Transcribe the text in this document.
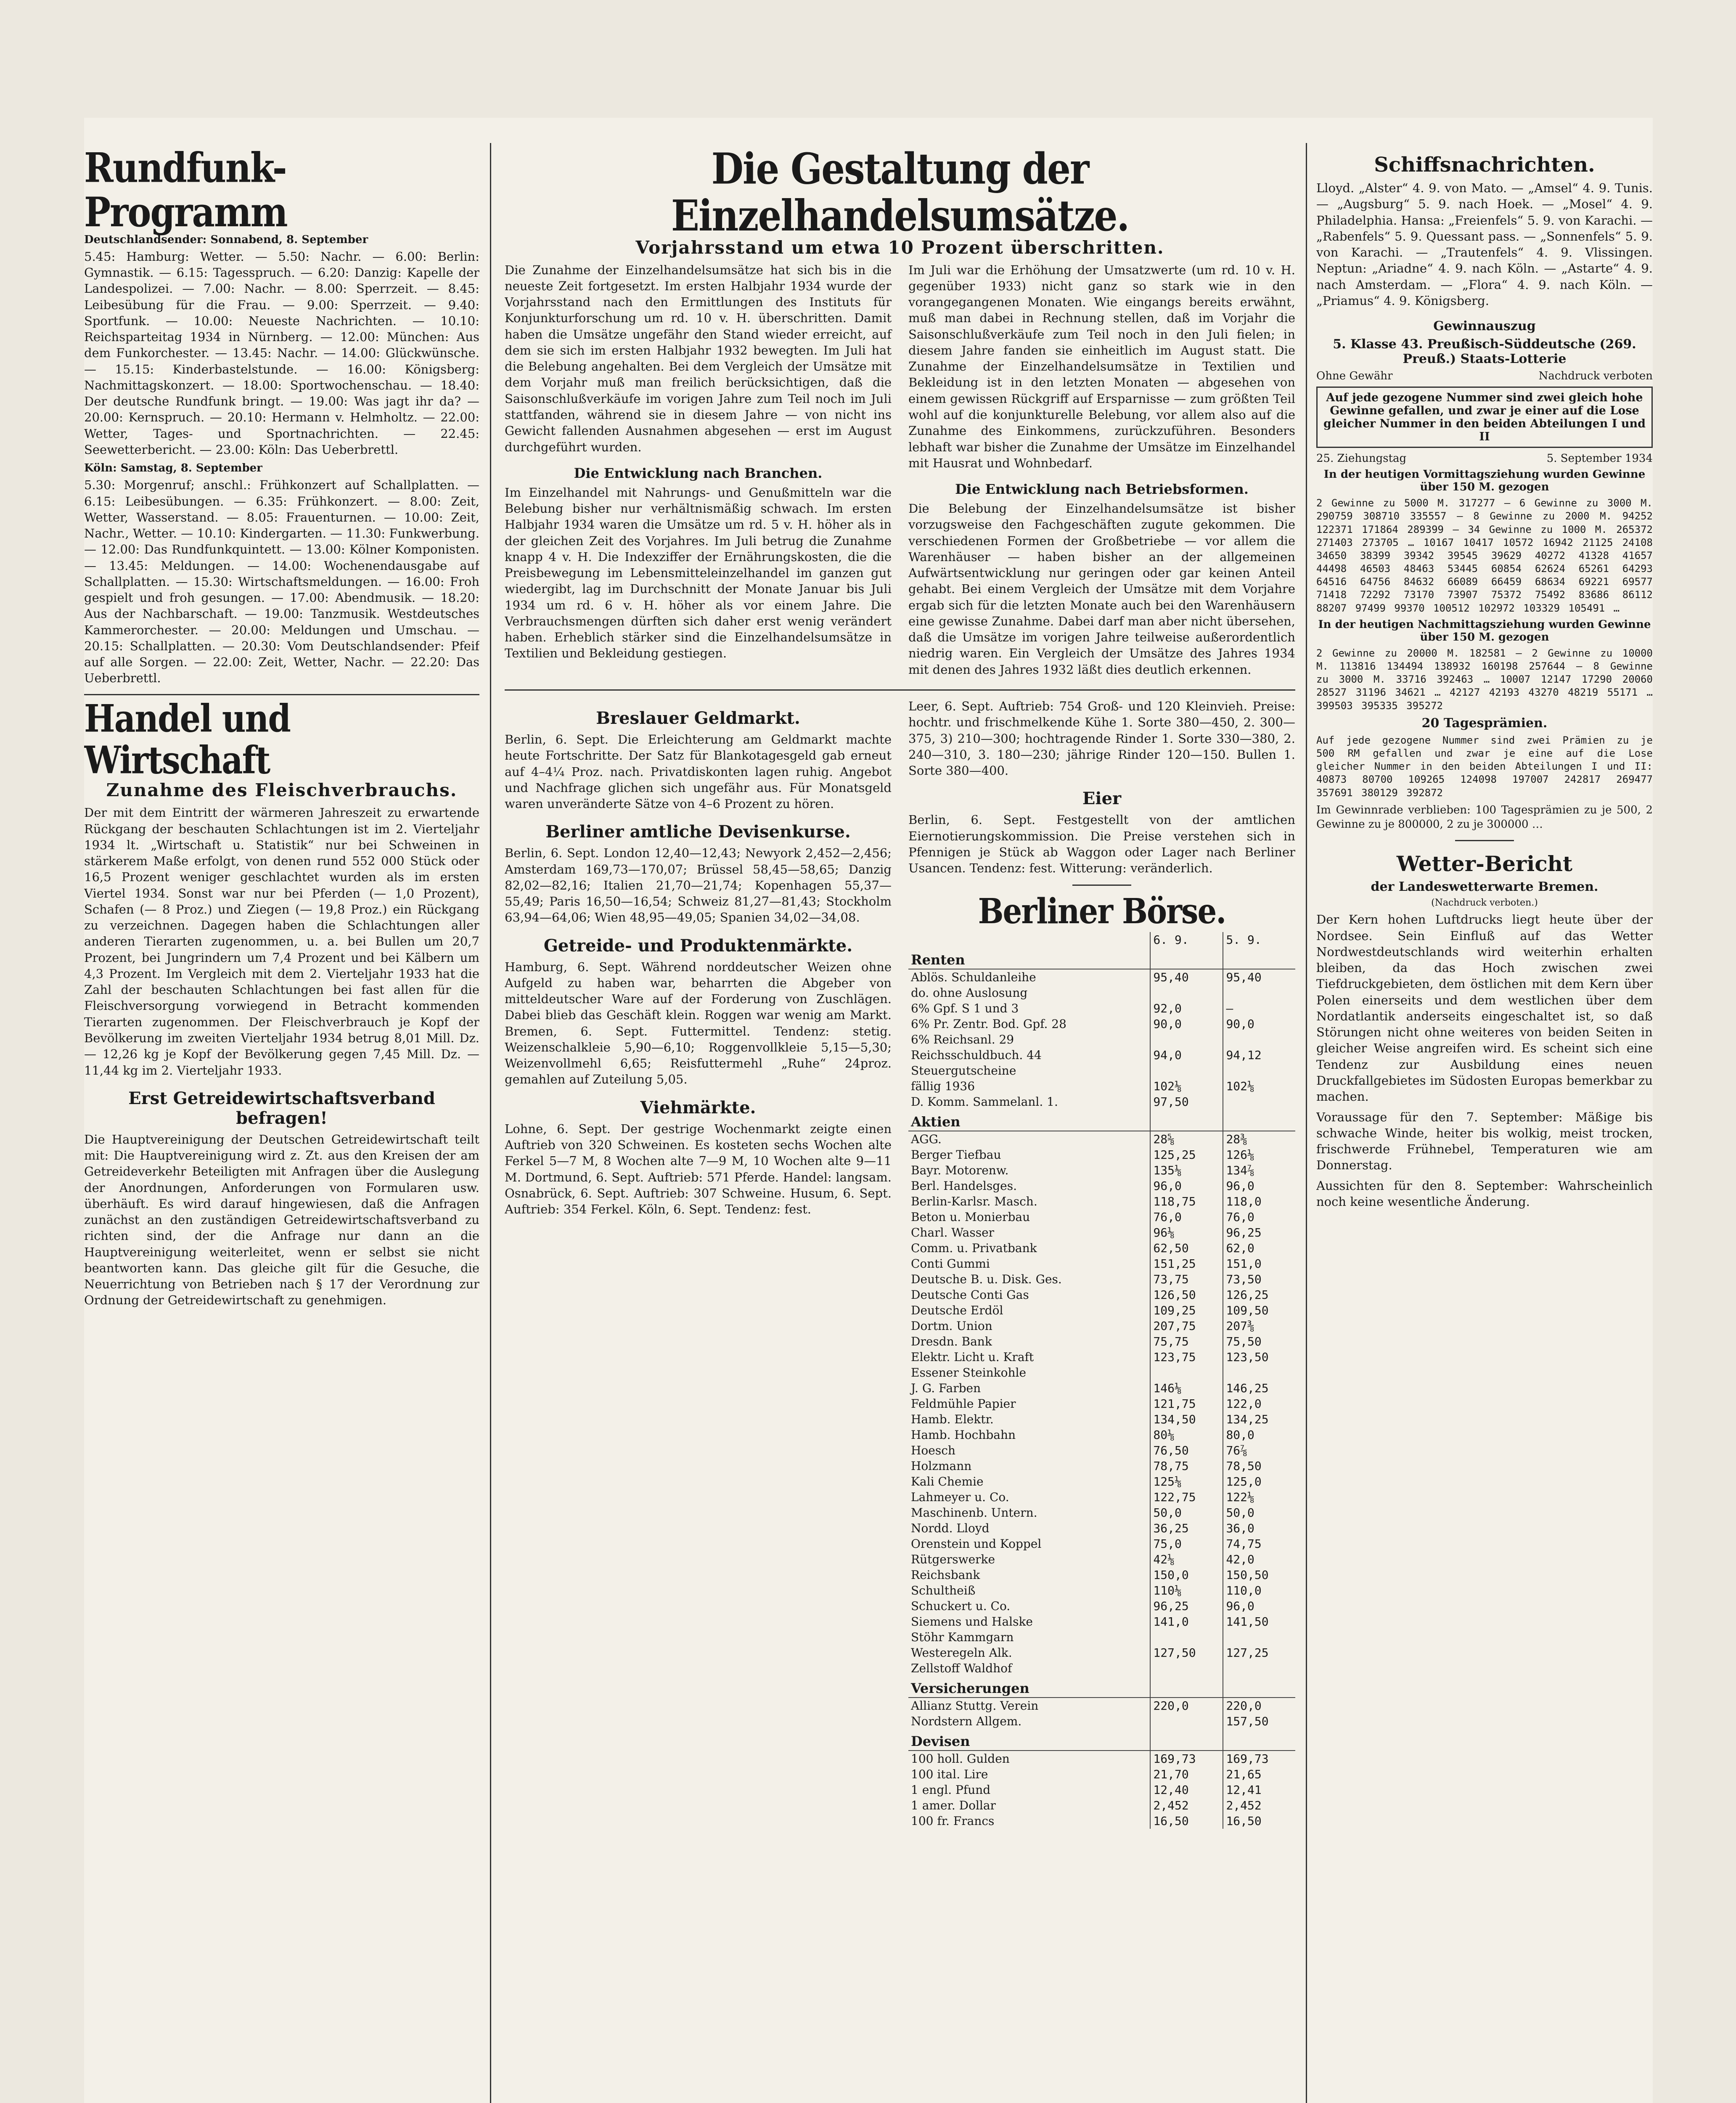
Rundfunk-Programm
Deutschlandsender: Sonnabend, 8. September

5.45: Hamburg: Wetter. — 5.50: Nachr. — 6.00: Berlin: Gymnastik. — 6.15: Tagesspruch. — 6.20: Danzig: Kapelle der Landespolizei. — 7.00: Nachr. — 8.00: Sperrzeit. — 8.45: Leibesübung für die Frau. — 9.00: Sperrzeit. — 9.40: Sportfunk. — 10.00: Neueste Nachrichten. — 10.10: Reichsparteitag 1934 in Nürnberg. — 12.00: München: Aus dem Funkorchester. — 13.45: Nachr. — 14.00: Glückwünsche. — 15.15: Kinderbastelstunde. — 16.00: Königsberg: Nachmittagskonzert. — 18.00: Sportwochenschau. — 18.40: Der deutsche Rundfunk bringt. — 19.00: Was jagt ihr da? — 20.00: Kernspruch. — 20.10: Hermann v. Helmholtz. — 22.00: Wetter, Tages- und Sportnachrichten. — 22.45: Seewetterbericht. — 23.00: Köln: Das Ueberbrettl.

Köln: Samstag, 8. September

5.30: Morgenruf; anschl.: Frühkonzert auf Schallplatten. — 6.15: Leibesübungen. — 6.35: Frühkonzert. — 8.00: Zeit, Wetter, Wasserstand. — 8.05: Frauenturnen. — 10.00: Zeit, Nachr., Wetter. — 10.10: Kindergarten. — 11.30: Funkwerbung. — 12.00: Das Rundfunkquintett. — 13.00: Kölner Komponisten. — 13.45: Meldungen. — 14.00: Wochenendausgabe auf Schallplatten. — 15.30: Wirtschaftsmeldungen. — 16.00: Froh gespielt und froh gesungen. — 17.00: Abendmusik. — 18.20: Aus der Nachbarschaft. — 19.00: Tanzmusik. Westdeutsches Kammerorchester. — 20.00: Meldungen und Umschau. — 20.15: Schallplatten. — 20.30: Vom Deutschlandsender: Pfeif auf alle Sorgen. — 22.00: Zeit, Wetter, Nachr. — 22.20: Das Ueberbrettl.

Handel und Wirtschaft
Zunahme des Fleischverbrauchs.

Der mit dem Eintritt der wärmeren Jahreszeit zu erwartende Rückgang der beschauten Schlachtungen ist im 2. Vierteljahr 1934 lt. „Wirtschaft u. Statistik“ nur bei Schweinen in stärkerem Maße erfolgt, von denen rund 552 000 Stück oder 16,5 Prozent weniger geschlachtet wurden als im ersten Viertel 1934. Sonst war nur bei Pferden (— 1,0 Prozent), Schafen (— 8 Proz.) und Ziegen (— 19,8 Proz.) ein Rückgang zu verzeichnen. Dagegen haben die Schlachtungen aller anderen Tierarten zugenommen, u. a. bei Bullen um 20,7 Prozent, bei Jungrindern um 7,4 Prozent und bei Kälbern um 4,3 Prozent. Im Vergleich mit dem 2. Vierteljahr 1933 hat die Zahl der beschauten Schlachtungen bei fast allen für die Fleischversorgung vorwiegend in Betracht kommenden Tierarten zugenommen. Der Fleischverbrauch je Kopf der Bevölkerung im zweiten Vierteljahr 1934 betrug 8,01 Mill. Dz. — 12,26 kg je Kopf der Bevölkerung gegen 7,45 Mill. Dz. — 11,44 kg im 2. Vierteljahr 1933.

Erst Getreidewirtschaftsverband befragen!

Die Hauptvereinigung der Deutschen Getreidewirtschaft teilt mit: Die Hauptvereinigung wird z. Zt. aus den Kreisen der am Getreideverkehr Beteiligten mit Anfragen über die Auslegung der Anordnungen, Anforderungen von Formularen usw. überhäuft. Es wird darauf hingewiesen, daß die Anfragen zunächst an den zuständigen Getreidewirtschaftsverband zu richten sind, der die Anfrage nur dann an die Hauptvereinigung weiterleitet, wenn er selbst sie nicht beantworten kann. Das gleiche gilt für die Gesuche, die Neuerrichtung von Betrieben nach § 17 der Verordnung zur Ordnung der Getreidewirtschaft zu genehmigen.

Die Gestaltung der Einzelhandelsumsätze.
Vorjahrsstand um etwa 10 Prozent überschritten.

Die Zunahme der Einzelhandelsumsätze hat sich bis in die neueste Zeit fortgesetzt. Im ersten Halbjahr 1934 wurde der Vorjahrsstand nach den Ermittlungen des Instituts für Konjunkturforschung um rd. 10 v. H. überschritten. Damit haben die Umsätze ungefähr den Stand wieder erreicht, auf dem sie sich im ersten Halbjahr 1932 bewegten. Im Juli hat die Belebung angehalten. Bei dem Vergleich der Umsätze mit dem Vorjahr muß man freilich berücksichtigen, daß die Saisonschlußverkäufe im vorigen Jahre zum Teil noch im Juli stattfanden, während sie in diesem Jahre — von nicht ins Gewicht fallenden Ausnahmen abgesehen — erst im August durchgeführt wurden.

Die Entwicklung nach Branchen.

Im Einzelhandel mit Nahrungs- und Genußmitteln war die Belebung bisher nur verhältnismäßig schwach. Im ersten Halbjahr 1934 waren die Umsätze um rd. 5 v. H. höher als in der gleichen Zeit des Vorjahres. Im Juli betrug die Zunahme knapp 4 v. H. Die Indexziffer der Ernährungskosten, die die Preisbewegung im Lebensmitteleinzelhandel im ganzen gut wiedergibt, lag im Durchschnitt der Monate Januar bis Juli 1934 um rd. 6 v. H. höher als vor einem Jahre. Die Verbrauchsmengen dürften sich daher erst wenig verändert haben. Erheblich stärker sind die Einzelhandelsumsätze in Textilien und Bekleidung gestiegen.

Im Juli war die Erhöhung der Umsatzwerte (um rd. 10 v. H. gegenüber 1933) nicht ganz so stark wie in den vorangegangenen Monaten. Wie eingangs bereits erwähnt, muß man dabei in Rechnung stellen, daß im Vorjahr die Saisonschlußverkäufe zum Teil noch in den Juli fielen; in diesem Jahre fanden sie einheitlich im August statt. Die Zunahme der Einzelhandelsumsätze in Textilien und Bekleidung ist in den letzten Monaten — abgesehen von einem gewissen Rückgriff auf Ersparnisse — zum größten Teil wohl auf die konjunkturelle Belebung, vor allem also auf die Zunahme des Einkommens, zurückzuführen. Besonders lebhaft war bisher die Zunahme der Umsätze im Einzelhandel mit Hausrat und Wohnbedarf.

Die Entwicklung nach Betriebsformen.

Die Belebung der Einzelhandelsumsätze ist bisher vorzugsweise den Fachgeschäften zugute gekommen. Die verschiedenen Formen der Großbetriebe — vor allem die Warenhäuser — haben bisher an der allgemeinen Aufwärtsentwicklung nur geringen oder gar keinen Anteil gehabt. Bei einem Vergleich der Umsätze mit dem Vorjahre ergab sich für die letzten Monate auch bei den Warenhäusern eine gewisse Zunahme. Dabei darf man aber nicht übersehen, daß die Umsätze im vorigen Jahre teilweise außerordentlich niedrig waren. Ein Vergleich der Umsätze des Jahres 1934 mit denen des Jahres 1932 läßt dies deutlich erkennen.

Breslauer Geldmarkt.

Berlin, 6. Sept. Die Erleichterung am Geldmarkt machte heute Fortschritte. Der Satz für Blankotagesgeld gab erneut auf 4–4¼ Proz. nach. Privatdiskonten lagen ruhig. Angebot und Nachfrage glichen sich ungefähr aus. Für Monatsgeld waren unveränderte Sätze von 4–6 Prozent zu hören.

Berliner amtliche Devisenkurse.

Berlin, 6. Sept. London 12,40—12,43; Newyork 2,452—2,456; Amsterdam 169,73—170,07; Brüssel 58,45—58,65; Danzig 82,02—82,16; Italien 21,70—21,74; Kopenhagen 55,37—55,49; Paris 16,50—16,54; Schweiz 81,27—81,43; Stockholm 63,94—64,06; Wien 48,95—49,05; Spanien 34,02—34,08.

Getreide- und Produktenmärkte.

Hamburg, 6. Sept. Während norddeutscher Weizen ohne Aufgeld zu haben war, beharrten die Abgeber von mitteldeutscher Ware auf der Forderung von Zuschlägen. Dabei blieb das Geschäft klein. Roggen war wenig am Markt. Bremen, 6. Sept. Futtermittel. Tendenz: stetig. Weizenschalkleie 5,90—6,10; Roggenvollkleie 5,15—5,30; Weizenvollmehl 6,65; Reisfuttermehl „Ruhe“ 24proz. gemahlen auf Zuteilung 5,05.

Viehmärkte.

Lohne, 6. Sept. Der gestrige Wochenmarkt zeigte einen Auftrieb von 320 Schweinen. Es kosteten sechs Wochen alte Ferkel 5—7 M, 8 Wochen alte 7—9 M, 10 Wochen alte 9—11 M. Dortmund, 6. Sept. Auftrieb: 571 Pferde. Handel: langsam. Osnabrück, 6. Sept. Auftrieb: 307 Schweine. Husum, 6. Sept. Auftrieb: 354 Ferkel. Köln, 6. Sept. Tendenz: fest.

Leer, 6. Sept. Auftrieb: 754 Groß- und 120 Kleinvieh. Preise: hochtr. und frischmelkende Kühe 1. Sorte 380—450, 2. 300—375, 3) 210—300; hochtragende Rinder 1. Sorte 330—380, 2. 240—310, 3. 180—230; jährige Rinder 120—150. Bullen 1. Sorte 380—400.

Eier

Berlin, 6. Sept. Festgestellt von der amtlichen Eiernotierungskommission. Die Preise verstehen sich in Pfennigen je Stück ab Waggon oder Lager nach Berliner Usancen. Tendenz: fest. Witterung: veränderlich.

Berliner Börse.
	6. 9.	5. 9.
Renten		
Ablös. Schuldanleihe	95,40	95,40
do. ohne Auslosung		
6% Gpf. S 1 und 3	92,0	—
6% Pr. Zentr. Bod. Gpf. 28	90,0	90,0
6% Reichsanl. 29		
Reichsschuldbuch. 44	94,0	94,12
Steuergutscheine		
fällig 1936	102⅛	102⅛
D. Komm. Sammelanl. 1.	97,50	
Aktien		
AGG.	28⅝	28⅜
Berger Tiefbau	125,25	126⅛
Bayr. Motorenw.	135⅛	134⅞
Berl. Handelsges.	96,0	96,0
Berlin-Karlsr. Masch.	118,75	118,0
Beton u. Monierbau	76,0	76,0
Charl. Wasser	96⅛	96,25
Comm. u. Privatbank	62,50	62,0
Conti Gummi	151,25	151,0
Deutsche B. u. Disk. Ges.	73,75	73,50
Deutsche Conti Gas	126,50	126,25
Deutsche Erdöl	109,25	109,50
Dortm. Union	207,75	207⅜
Dresdn. Bank	75,75	75,50
Elektr. Licht u. Kraft	123,75	123,50
Essener Steinkohle		
J. G. Farben	146⅛	146,25
Feldmühle Papier	121,75	122,0
Hamb. Elektr.	134,50	134,25
Hamb. Hochbahn	80⅛	80,0
Hoesch	76,50	76⅞
Holzmann	78,75	78,50
Kali Chemie	125⅛	125,0
Lahmeyer u. Co.	122,75	122⅛
Maschinenb. Untern.	50,0	50,0
Nordd. Lloyd	36,25	36,0
Orenstein und Koppel	75,0	74,75
Rütgerswerke	42⅛	42,0
Reichsbank	150,0	150,50
Schultheiß	110⅛	110,0
Schuckert u. Co.	96,25	96,0
Siemens und Halske	141,0	141,50
Stöhr Kammgarn		
Westeregeln Alk.	127,50	127,25
Zellstoff Waldhof		
Versicherungen		
Allianz Stuttg. Verein	220,0	220,0
Nordstern Allgem.		157,50
Devisen		
100 holl. Gulden	169,73	169,73
100 ital. Lire	21,70	21,65
1 engl. Pfund	12,40	12,41
1 amer. Dollar	2,452	2,452
100 fr. Francs	16,50	16,50
Schiffsnachrichten.

Lloyd. „Alster“ 4. 9. von Mato. — „Amsel“ 4. 9. Tunis. — „Augsburg“ 5. 9. nach Hoek. — „Mosel“ 4. 9. Philadelphia. Hansa: „Freienfels“ 5. 9. von Karachi. — „Rabenfels“ 5. 9. Quessant pass. — „Sonnenfels“ 5. 9. von Karachi. — „Trautenfels“ 4. 9. Vlissingen. Neptun: „Ariadne“ 4. 9. nach Köln. — „Astarte“ 4. 9. nach Amsterdam. — „Flora“ 4. 9. nach Köln. — „Priamus“ 4. 9. Königsberg.

Gewinnauszug
5. Klasse 43. Preußisch-Süddeutsche (269. Preuß.) Staats-Lotterie
Ohne Gewähr	Nachdruck verboten
Auf jede gezogene Nummer sind zwei gleich hohe Gewinne gefallen, und zwar je einer auf die Lose gleicher Nummer in den beiden Abteilungen I und II
25. Ziehungstag	5. September 1934
In der heutigen Vormittagsziehung wurden Gewinne über 150 M. gezogen

2 Gewinne zu 5000 M. 317277 — 6 Gewinne zu 3000 M. 290759 308710 335557 — 8 Gewinne zu 2000 M. 94252 122371 171864 289399 — 34 Gewinne zu 1000 M. 265372 271403 273705 … 10167 10417 10572 16942 21125 24108 34650 38399 39342 39545 39629 40272 41328 41657 44498 46503 48463 53445 60854 62624 65261 64293 64516 64756 84632 66089 66459 68634 69221 69577 71418 72292 73170 73907 75372 75492 83686 86112 88207 97499 99370 100512 102972 103329 105491 …

In der heutigen Nachmittagsziehung wurden Gewinne über 150 M. gezogen

2 Gewinne zu 20000 M. 182581 — 2 Gewinne zu 10000 M. 113816 134494 138932 160198 257644 — 8 Gewinne zu 3000 M. 33716 392463 … 10007 12147 17290 20060 28527 31196 34621 … 42127 42193 43270 48219 55171 … 399503 395335 395272

20 Tagesprämien.

Auf jede gezogene Nummer sind zwei Prämien zu je 500 RM gefallen und zwar je eine auf die Lose gleicher Nummer in den beiden Abteilungen I und II: 40873 80700 109265 124098 197007 242817 269477 357691 380129 392872

Im Gewinnrade verblieben: 100 Tagesprämien zu je 500, 2 Gewinne zu je 800000, 2 zu je 300000 …

Wetter-Bericht
der Landeswetterwarte Bremen.
(Nachdruck verboten.)

Der Kern hohen Luftdrucks liegt heute über der Nordsee. Sein Einfluß auf das Wetter Nordwestdeutschlands wird weiterhin erhalten bleiben, da das Hoch zwischen zwei Tiefdruckgebieten, dem östlichen mit dem Kern über Polen einerseits und dem westlichen über dem Nordatlantik anderseits eingeschaltet ist, so daß Störungen nicht ohne weiteres von beiden Seiten in gleicher Weise angreifen wird. Es scheint sich eine Tendenz zur Ausbildung eines neuen Druckfallgebietes im Südosten Europas bemerkbar zu machen.

Voraussage für den 7. September: Mäßige bis schwache Winde, heiter bis wolkig, meist trocken, frischwerde Frühnebel, Temperaturen wie am Donnerstag.

Aussichten für den 8. September: Wahrscheinlich noch keine wesentliche Änderung.
